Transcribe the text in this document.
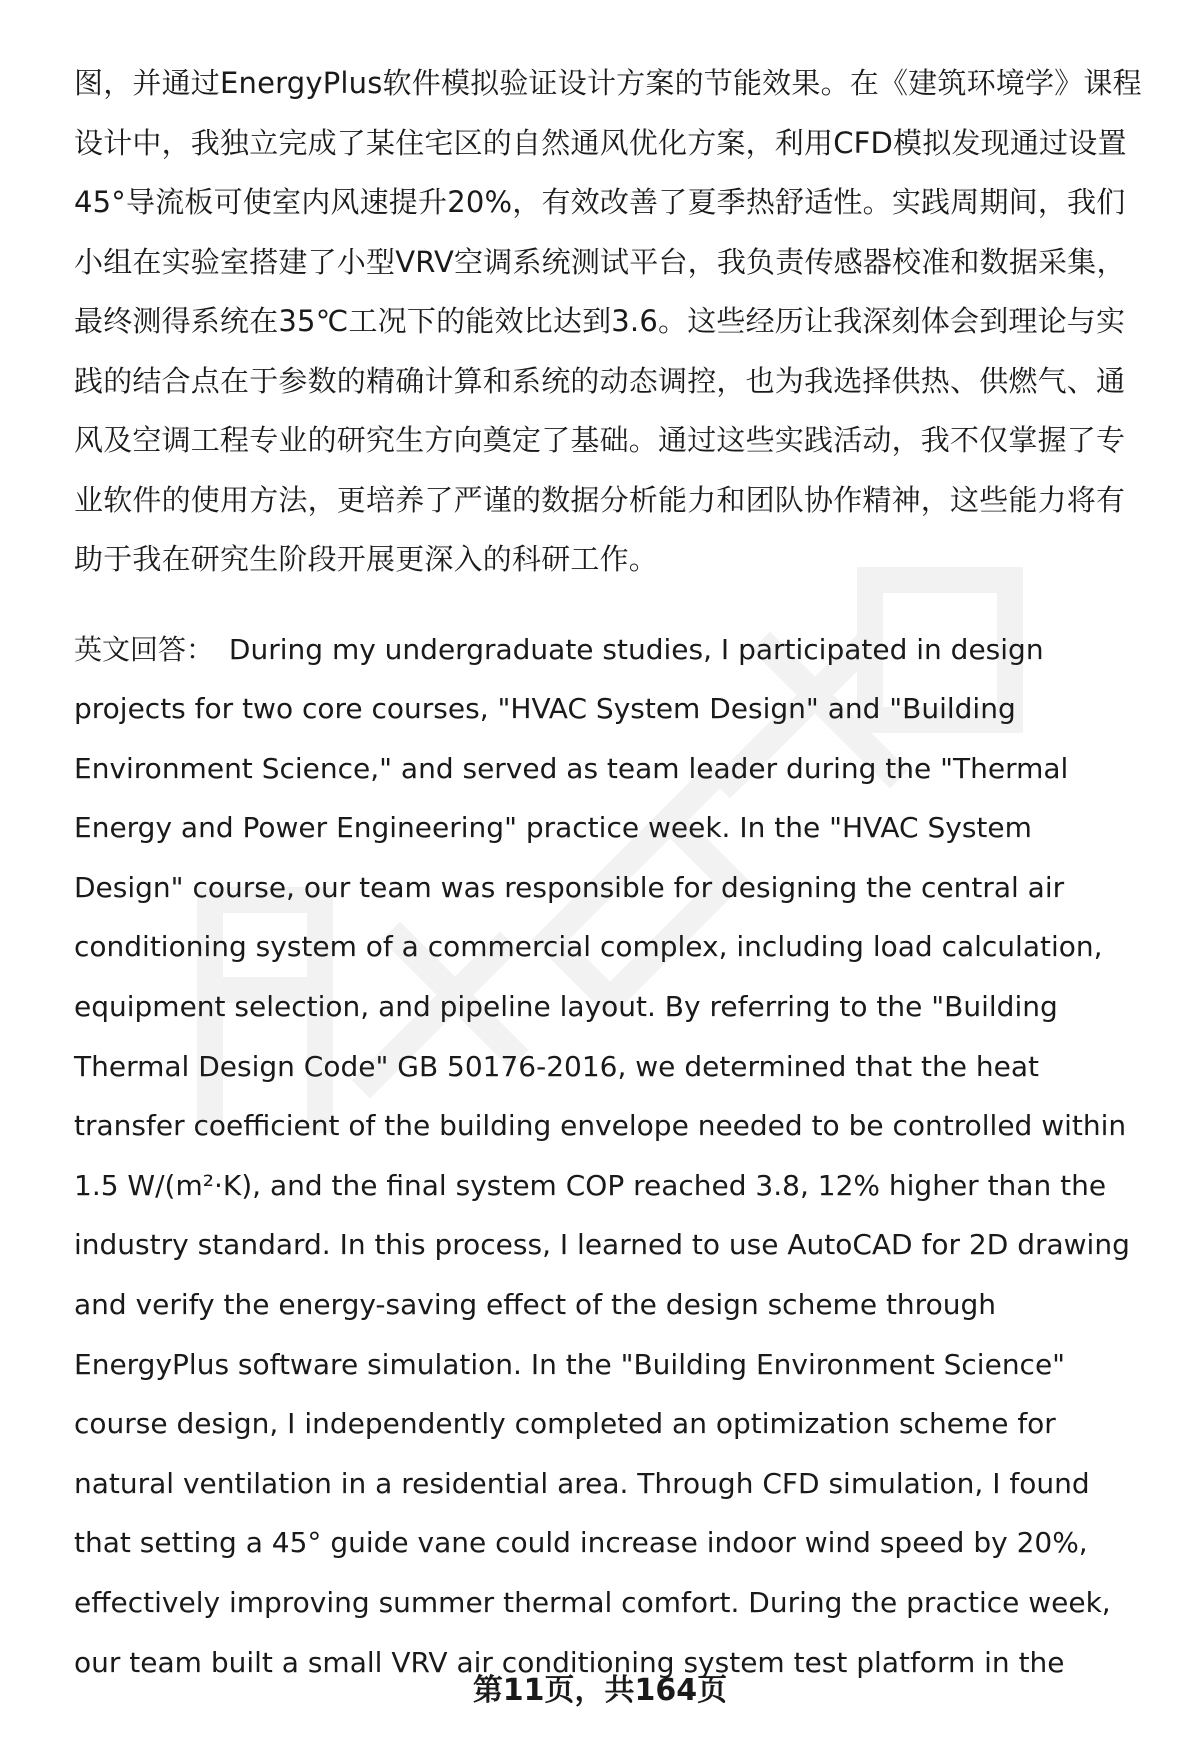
图，并通过EnergyPlus软件模拟验证设计方案的节能效果。在《建筑环境学》课程
设计中，我独立完成了某住宅区的自然通风优化方案，利用CFD模拟发现通过设置
45°导流板可使室内风速提升20%，有效改善了夏季热舒适性。实践周期间，我们
小组在实验室搭建了小型VRV空调系统测试平台，我负责传感器校准和数据采集，
最终测得系统在35℃工况下的能效比达到3.6。这些经历让我深刻体会到理论与实
践的结合点在于参数的精确计算和系统的动态调控，也为我选择供热、供燃气、通
风及空调工程专业的研究生方向奠定了基础。通过这些实践活动，我不仅掌握了专
业软件的使用方法，更培养了严谨的数据分析能力和团队协作精神，这些能力将有
助于我在研究生阶段开展更深入的科研工作。
英文回答： During my undergraduate studies, I participated in design
projects for two core courses, "HVAC System Design" and "Building
Environment Science," and served as team leader during the "Thermal
Energy and Power Engineering" practice week. In the "HVAC System
Design" course, our team was responsible for designing the central air
conditioning system of a commercial complex, including load calculation,
equipment selection, and pipeline layout. By referring to the "Building
Thermal Design Code" GB 50176-2016, we determined that the heat
transfer coefficient of the building envelope needed to be controlled within
1.5 W/(m²·K), and the final system COP reached 3.8, 12% higher than the
industry standard. In this process, I learned to use AutoCAD for 2D drawing
and verify the energy-saving effect of the design scheme through
EnergyPlus software simulation. In the "Building Environment Science"
course design, I independently completed an optimization scheme for
natural ventilation in a residential area. Through CFD simulation, I found
that setting a 45° guide vane could increase indoor wind speed by 20%,
effectively improving summer thermal comfort. During the practice week,
our team built a small VRV air conditioning system test platform in the
第11页，共164页
